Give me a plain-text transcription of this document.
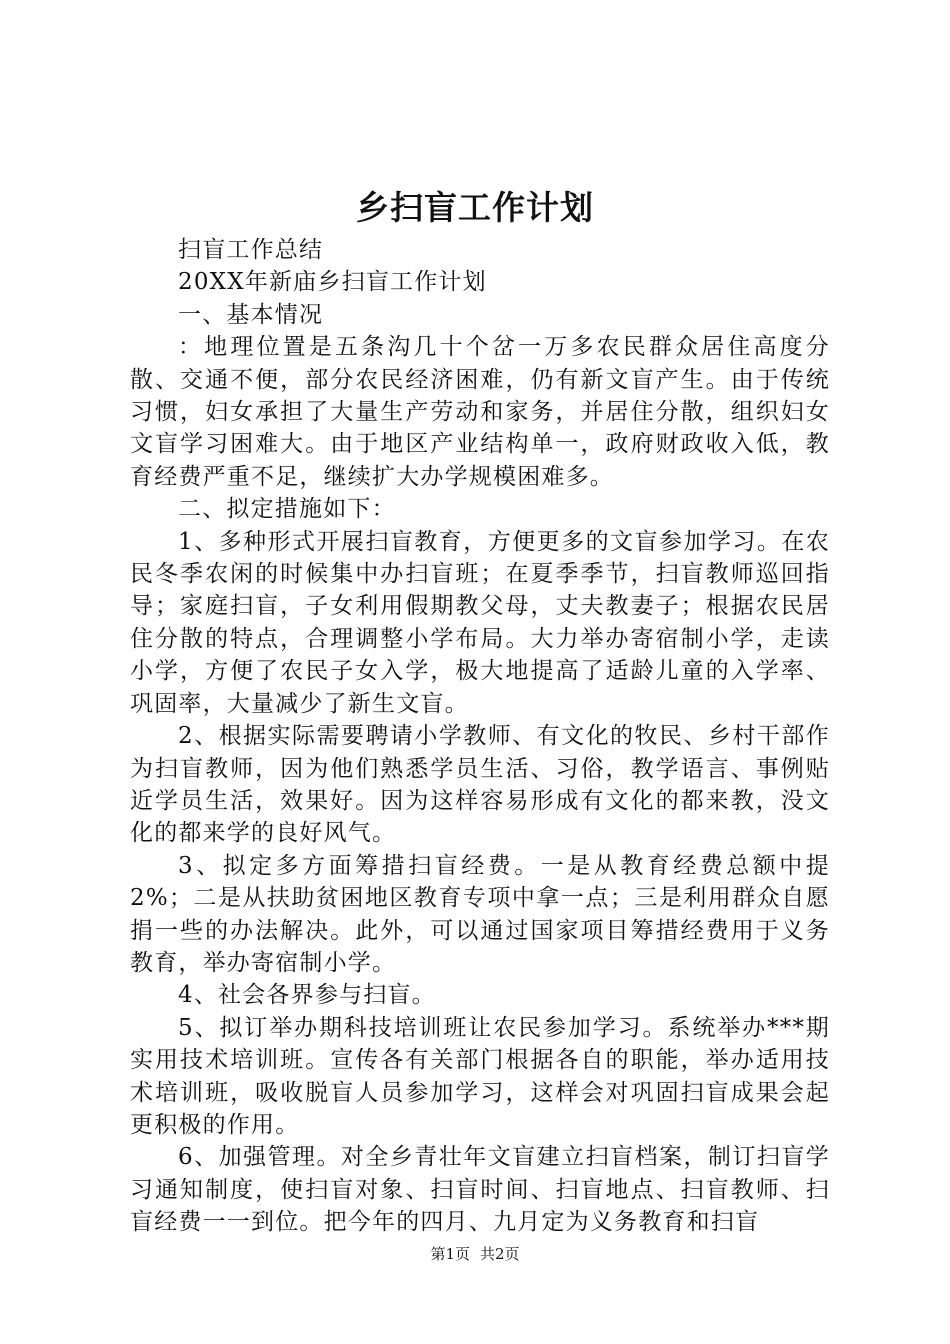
乡扫盲工作计划

扫盲工作总结

20XX年新庙乡扫盲工作计划

一、基本情况

：地理位置是五条沟几十个岔一万多农民群众居住高度分散、交通不便，部分农民经济困难，仍有新文盲产生。由于传统习惯，妇女承担了大量生产劳动和家务，并居住分散，组织妇女文盲学习困难大。由于地区产业结构单一，政府财政收入低，教育经费严重不足，继续扩大办学规模困难多。

二、拟定措施如下：

1、多种形式开展扫盲教育，方便更多的文盲参加学习。在农民冬季农闲的时候集中办扫盲班；在夏季季节，扫盲教师巡回指导；家庭扫盲，子女利用假期教父母，丈夫教妻子；根据农民居住分散的特点，合理调整小学布局。大力举办寄宿制小学，走读小学，方便了农民子女入学，极大地提高了适龄儿童的入学率、巩固率，大量减少了新生文盲。

2、根据实际需要聘请小学教师、有文化的牧民、乡村干部作为扫盲教师，因为他们熟悉学员生活、习俗，教学语言、事例贴近学员生活，效果好。因为这样容易形成有文化的都来教，没文化的都来学的良好风气。

3、拟定多方面筹措扫盲经费。一是从教育经费总额中提2%；二是从扶助贫困地区教育专项中拿一点；三是利用群众自愿捐一些的办法解决。此外，可以通过国家项目筹措经费用于义务教育，举办寄宿制小学。

4、社会各界参与扫盲。

5、拟订举办期科技培训班让农民参加学习。系统举办***期实用技术培训班。宣传各有关部门根据各自的职能，举办适用技术培训班，吸收脱盲人员参加学习，这样会对巩固扫盲成果会起更积极的作用。

6、加强管理。对全乡青壮年文盲建立扫盲档案，制订扫盲学习通知制度，使扫盲对象、扫盲时间、扫盲地点、扫盲教师、扫盲经费一一到位。把今年的四月、九月定为义务教育和扫盲

第1页 共2页
